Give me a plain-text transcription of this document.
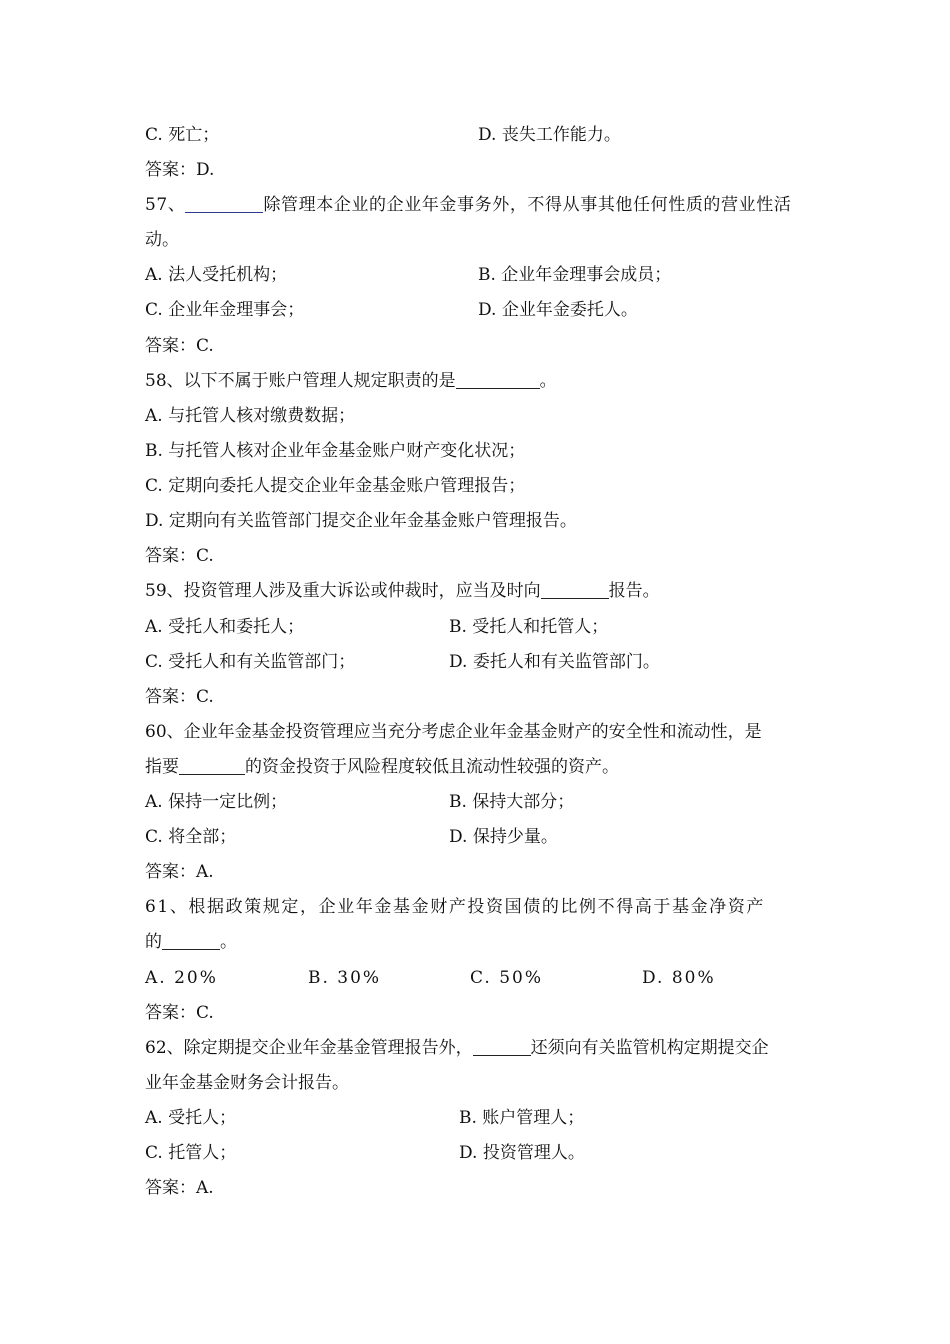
C. 死亡；	D. 丧失工作能力。
答案：D.
57、	除管理本企业的企业年金事务外，不得从事其他任何性质的营业性活
动。
A. 法人受托机构；	B. 企业年金理事会成员；
C. 企业年金理事会；	D. 企业年金委托人。
答案：C.
58、以下不属于账户管理人规定职责的是	。
A. 与托管人核对缴费数据；
B. 与托管人核对企业年金基金账户财产变化状况；
C. 定期向委托人提交企业年金基金账户管理报告；
D. 定期向有关监管部门提交企业年金基金账户管理报告。
答案：C.
59、投资管理人涉及重大诉讼或仲裁时，应当及时向	报告。
A. 受托人和委托人；	B. 受托人和托管人；
C. 受托人和有关监管部门；	D. 委托人和有关监管部门。
答案：C.
60、企业年金基金投资管理应当充分考虑企业年金基金财产的安全性和流动性，是
指要	的资金投资于风险程度较低且流动性较强的资产。
A. 保持一定比例；	B. 保持大部分；
C. 将全部；	D. 保持少量。
答案：A.
61、根据政策规定，企业年金基金财产投资国债的比例不得高于基金净资产
的	。
A. 20%	B. 30%	C. 50%	D. 80%
答案：C.
62、除定期提交企业年金基金管理报告外，	还须向有关监管机构定期提交企
业年金基金财务会计报告。
A. 受托人；	B. 账户管理人；
C. 托管人；	D. 投资管理人。
答案：A.
